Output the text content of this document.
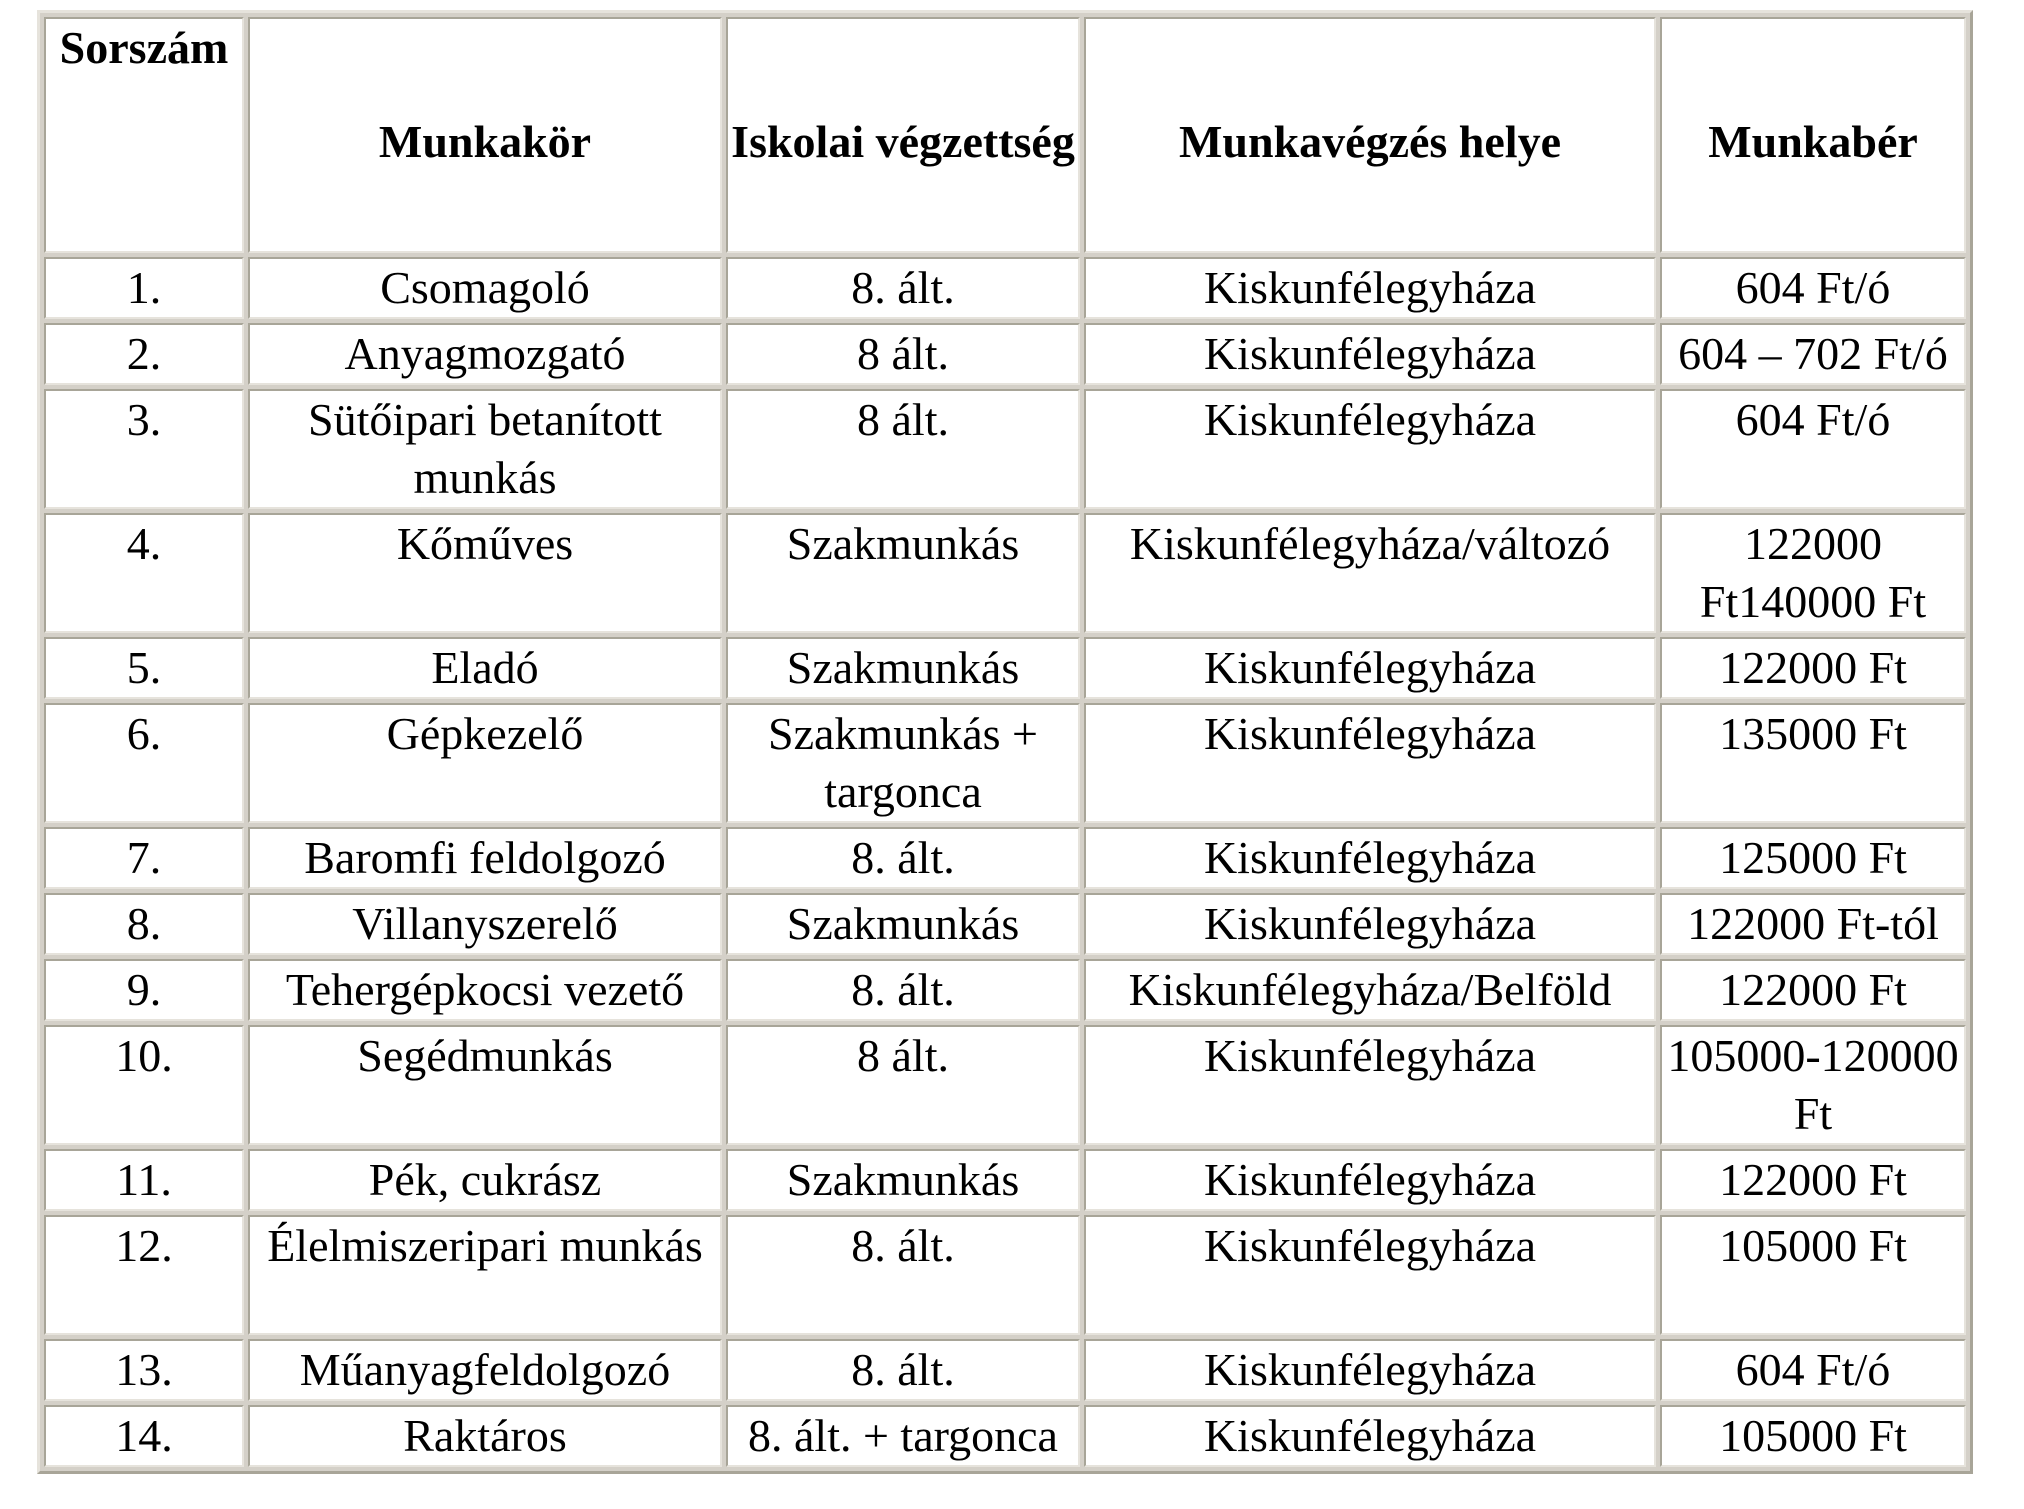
Sorszám	Munkakör	Iskolai végzettség	Munkavégzés helye	Munkabér
1.	Csomagoló	8. ált.	Kiskunfélegyháza	604 Ft/ó
2.	Anyagmozgató	8 ált.	Kiskunfélegyháza	604 – 702 Ft/ó
3.	Sütőipari betanított munkás	8 ált.	Kiskunfélegyháza	604 Ft/ó
4.	Kőműves	Szakmunkás	Kiskunfélegyháza/változó	122000 Ft140000 Ft
5.	Eladó	Szakmunkás	Kiskunfélegyháza	122000 Ft
6.	Gépkezelő	Szakmunkás + targonca	Kiskunfélegyháza	135000 Ft
7.	Baromfi feldolgozó	8. ált.	Kiskunfélegyháza	125000 Ft
8.	Villanyszerelő	Szakmunkás	Kiskunfélegyháza	122000 Ft-tól
9.	Tehergépkocsi vezető	8. ált.	Kiskunfélegyháza/Belföld	122000 Ft
10.	Segédmunkás	8 ált.	Kiskunfélegyháza	105000-120000 Ft
11.	Pék, cukrász	Szakmunkás	Kiskunfélegyháza	122000 Ft
12.	Élelmiszeripari munkás	8. ált.	Kiskunfélegyháza	105000 Ft
13.	Műanyagfeldolgozó	8. ált.	Kiskunfélegyháza	604 Ft/ó
14.	Raktáros	8. ált. + targonca	Kiskunfélegyháza	105000 Ft
